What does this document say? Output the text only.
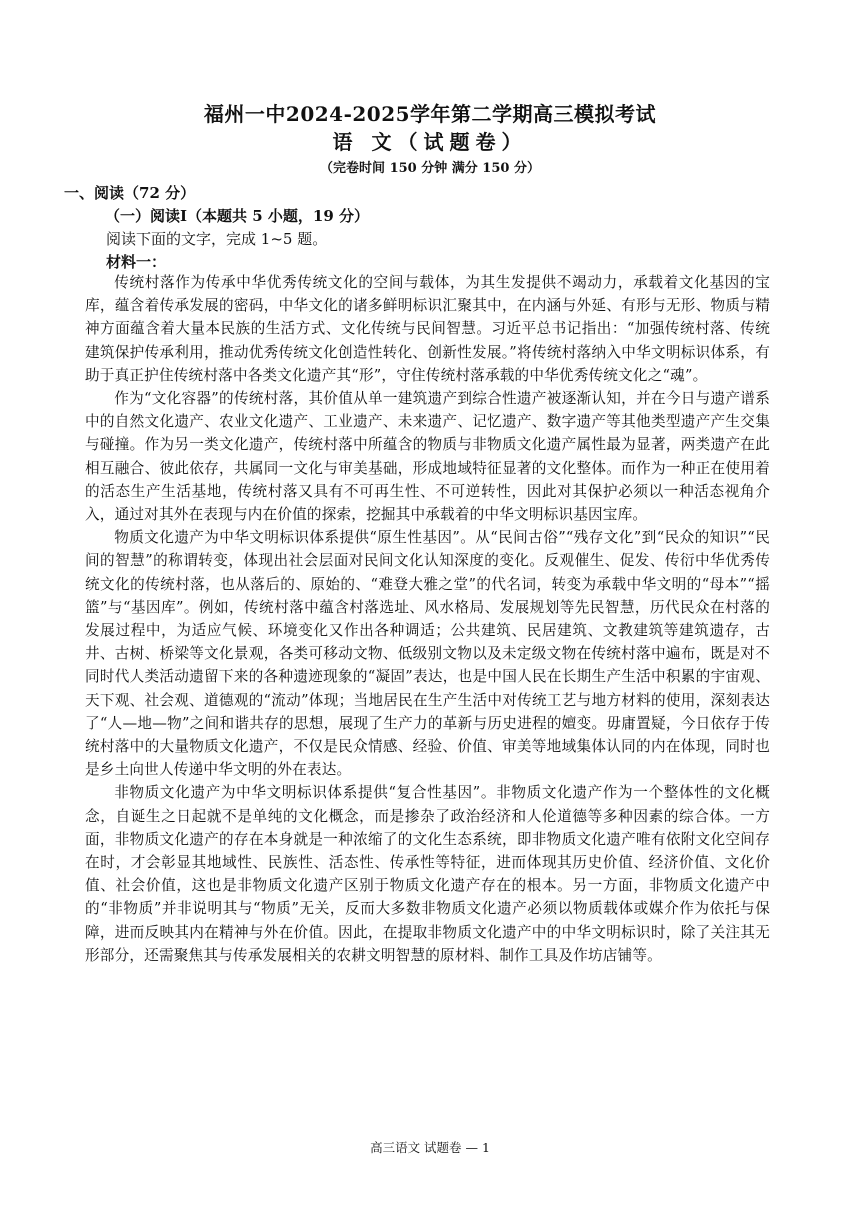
福州一中2024-2025学年第二学期高三模拟考试
语 文（试题卷）
（完卷时间 150 分钟 满分 150 分）
一、阅读（72 分）
（一）阅读Ⅰ（本题共 5 小题，19 分）
阅读下面的文字，完成 1~5 题。
材料一：

传统村落作为传承中华优秀传统文化的空间与载体，为其生发提供不竭动力，承载着文化基因的宝库，蕴含着传承发展的密码，中华文化的诸多鲜明标识汇聚其中，在内涵与外延、有形与无形、物质与精神方面蕴含着大量本民族的生活方式、文化传统与民间智慧。习近平总书记指出：“加强传统村落、传统建筑保护传承利用，推动优秀传统文化创造性转化、创新性发展。”将传统村落纳入中华文明标识体系，有助于真正护住传统村落中各类文化遗产其“形”，守住传统村落承载的中华优秀传统文化之“魂”。

作为“文化容器”的传统村落，其价值从单一建筑遗产到综合性遗产被逐渐认知，并在今日与遗产谱系中的自然文化遗产、农业文化遗产、工业遗产、未来遗产、记忆遗产、数字遗产等其他类型遗产产生交集与碰撞。作为另一类文化遗产，传统村落中所蕴含的物质与非物质文化遗产属性最为显著，两类遗产在此相互融合、彼此依存，共属同一文化与审美基础，形成地域特征显著的文化整体。而作为一种正在使用着的活态生产生活基地，传统村落又具有不可再生性、不可逆转性，因此对其保护必须以一种活态视角介入，通过对其外在表现与内在价值的探索，挖掘其中承载着的中华文明标识基因宝库。

物质文化遗产为中华文明标识体系提供“原生性基因”。从“民间古俗”“残存文化”到“民众的知识”“民间的智慧”的称谓转变，体现出社会层面对民间文化认知深度的变化。反观催生、促发、传衍中华优秀传统文化的传统村落，也从落后的、原始的、“难登大雅之堂”的代名词，转变为承载中华文明的“母本”“摇篮”与“基因库”。例如，传统村落中蕴含村落选址、风水格局、发展规划等先民智慧，历代民众在村落的发展过程中，为适应气候、环境变化又作出各种调适；公共建筑、民居建筑、文教建筑等建筑遗存，古井、古树、桥梁等文化景观，各类可移动文物、低级别文物以及未定级文物在传统村落中遍布，既是对不同时代人类活动遗留下来的各种遗迹现象的“凝固”表达，也是中国人民在长期生产生活中积累的宇宙观、天下观、社会观、道德观的“流动”体现；当地居民在生产生活中对传统工艺与地方材料的使用，深刻表达了“人—地—物”之间和谐共存的思想，展现了生产力的革新与历史进程的嬗变。毋庸置疑，今日依存于传统村落中的大量物质文化遗产，不仅是民众情感、经验、价值、审美等地域集体认同的内在体现，同时也是乡土向世人传递中华文明的外在表达。

非物质文化遗产为中华文明标识体系提供“复合性基因”。非物质文化遗产作为一个整体性的文化概念，自诞生之日起就不是单纯的文化概念，而是掺杂了政治经济和人伦道德等多种因素的综合体。一方面，非物质文化遗产的存在本身就是一种浓缩了的文化生态系统，即非物质文化遗产唯有依附文化空间存在时，才会彰显其地域性、民族性、活态性、传承性等特征，进而体现其历史价值、经济价值、文化价值、社会价值，这也是非物质文化遗产区别于物质文化遗产存在的根本。另一方面，非物质文化遗产中的“非物质”并非说明其与“物质”无关，反而大多数非物质文化遗产必须以物质载体或媒介作为依托与保障，进而反映其内在精神与外在价值。因此，在提取非物质文化遗产中的中华文明标识时，除了关注其无形部分，还需聚焦其与传承发展相关的农耕文明智慧的原材料、制作工具及作坊店铺等。

高三语文 试题卷 — 1
